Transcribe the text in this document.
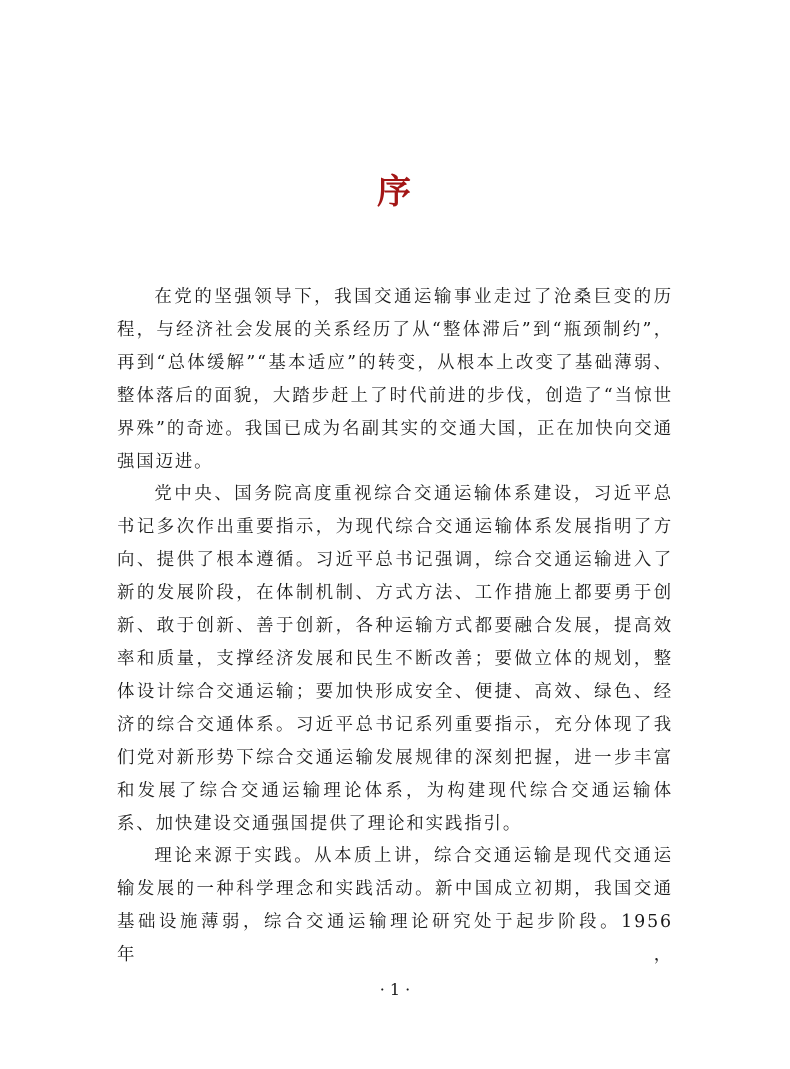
序

在党的坚强领导下，我国交通运输事业走过了沧桑巨变的历程，与经济社会发展的关系经历了从“整体滞后”到“瓶颈制约”，再到“总体缓解”“基本适应”的转变，从根本上改变了基础薄弱、整体落后的面貌，大踏步赶上了时代前进的步伐，创造了“当惊世界殊”的奇迹。我国已成为名副其实的交通大国，正在加快向交通强国迈进。

党中央、国务院高度重视综合交通运输体系建设，习近平总书记多次作出重要指示，为现代综合交通运输体系发展指明了方向、提供了根本遵循。习近平总书记强调，综合交通运输进入了新的发展阶段，在体制机制、方式方法、工作措施上都要勇于创新、敢于创新、善于创新，各种运输方式都要融合发展，提高效率和质量，支撑经济发展和民生不断改善；要做立体的规划，整体设计综合交通运输；要加快形成安全、便捷、高效、绿色、经济的综合交通体系。习近平总书记系列重要指示，充分体现了我们党对新形势下综合交通运输发展规律的深刻把握，进一步丰富和发展了综合交通运输理论体系，为构建现代综合交通运输体系、加快建设交通强国提供了理论和实践指引。

理论来源于实践。从本质上讲，综合交通运输是现代交通运输发展的一种科学理念和实践活动。新中国成立初期，我国交通基础设施薄弱，综合交通运输理论研究处于起步阶段。1956 年，

· 1 ·
